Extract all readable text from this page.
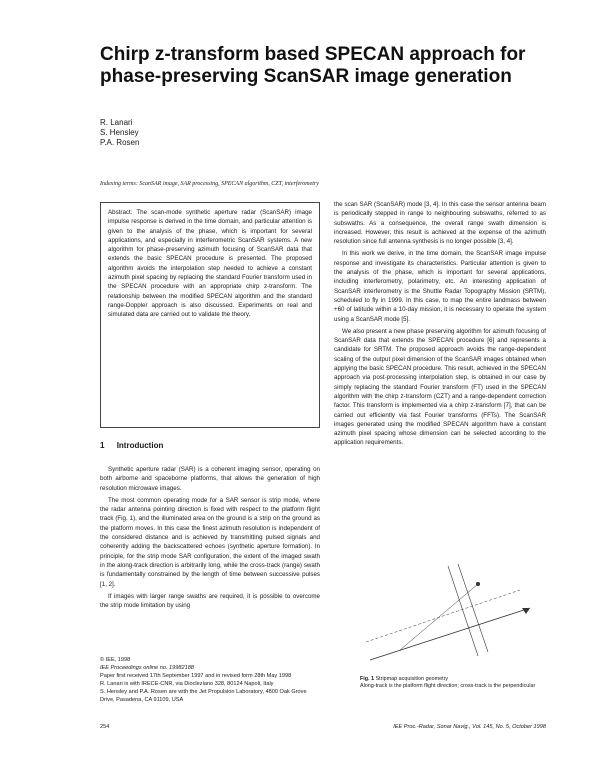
Chirp z-transform based SPECAN approach for
phase-preserving ScanSAR image generation
R. Lanari
S. Hensley
P.A. Rosen
Indexing terms: ScanSAR image, SAR processing, SPECAN algorithm, CZT, interferometry
Abstract: The scan-mode synthetic aperture radar (ScanSAR) image impulse response is derived in the time domain, and particular attention is given to the analysis of the phase, which is important for several applications, and especially in interferometric ScanSAR systems. A new algorithm for phase-preserving azimuth focusing of ScanSAR data that extends the basic SPECAN procedure is presented. The proposed algorithm avoids the interpolation step needed to achieve a constant azimuth pixel spacing by replacing the standard Fourier transform used in the SPECAN procedure with an appropriate chirp z-transform. The relationship between the modified SPECAN algorithm and the standard range-Doppler approach is also discussed. Experiments on real and simulated data are carried out to validate the theory.
1 Introduction

Synthetic aperture radar (SAR) is a coherent imaging sensor, operating on both airborne and spaceborne platforms, that allows the generation of high resolution microwave images.

The most common operating mode for a SAR sensor is strip mode, where the radar antenna pointing direction is fixed with respect to the platform flight track (Fig. 1), and the illuminated area on the ground is a strip on the ground as the platform moves. In this case the finest azimuth resolution is independent of the considered distance and is achieved by transmitting pulsed signals and coherently adding the backscattered echoes (synthetic aperture formation). In principle, for the strip mode SAR configuration, the extent of the imaged swath in the along-track direction is arbitrarily long, while the cross-track (range) swath is fundamentally constrained by the length of time between successive pulses [1, 2].

If images with larger range swaths are required, it is possible to overcome the strip mode limitation by using

the scan SAR (ScanSAR) mode [3, 4]. In this case the sensor antenna beam is periodically stepped in range to neighbouring subswaths, referred to as subswaths. As a consequence, the overall range swath dimension is increased. However, this result is achieved at the expense of the azimuth resolution since full antenna synthesis is no longer possible [3, 4].

In this work we derive, in the time domain, the ScanSAR image impulse response and investigate its characteristics. Particular attention is given to the analysis of the phase, which is important for several applications, including interferometry, polarimetry, etc. An interesting application of ScanSAR interferometry is the Shuttle Radar Topography Mission (SRTM), scheduled to fly in 1999. In this case, to map the entire landmass between +60 of latitude within a 10-day mission, it is necessary to operate the system using a ScanSAR mode [5].

We also present a new phase preserving algorithm for azimuth focusing of ScanSAR data that extends the SPECAN procedure [6] and represents a candidate for SRTM. The proposed approach avoids the range-dependent scaling of the output pixel dimension of the ScanSAR images obtained when applying the basic SPECAN procedure. This result, achieved in the SPECAN approach via post-processing interpolation step, is obtained in our case by simply replacing the standard Fourier transform (FT) used in the SPECAN algorithm with the chirp z-transform (CZT) and a range-dependent correction factor. This transform is implemented via a chirp z-transform [7], that can be carried out efficiently via fast Fourier transforms (FFTs). The ScanSAR images generated using the modified SPECAN algorithm have a constant azimuth pixel spacing whose dimension can be selected according to the application requirements.

© IEE, 1998
IEE Proceedings online no. 19982188
Paper first received 17th September 1997 and in revised form 28th May 1998
R. Lanari is with IRECE-CNR, via Diocleziano 328, 80124 Napoli, Italy
S. Hensley and P.A. Rosen are with the Jet Propulsion Laboratory, 4800 Oak Grove Drive, Pasadena, CA 91109, USA
Fig. 1 Stripmap acquisition geometry
Along-track is the platform flight direction; cross-track is the perpendicular
254	IEE Proc.-Radar, Sonar Navig., Vol. 145, No. 5, October 1998
